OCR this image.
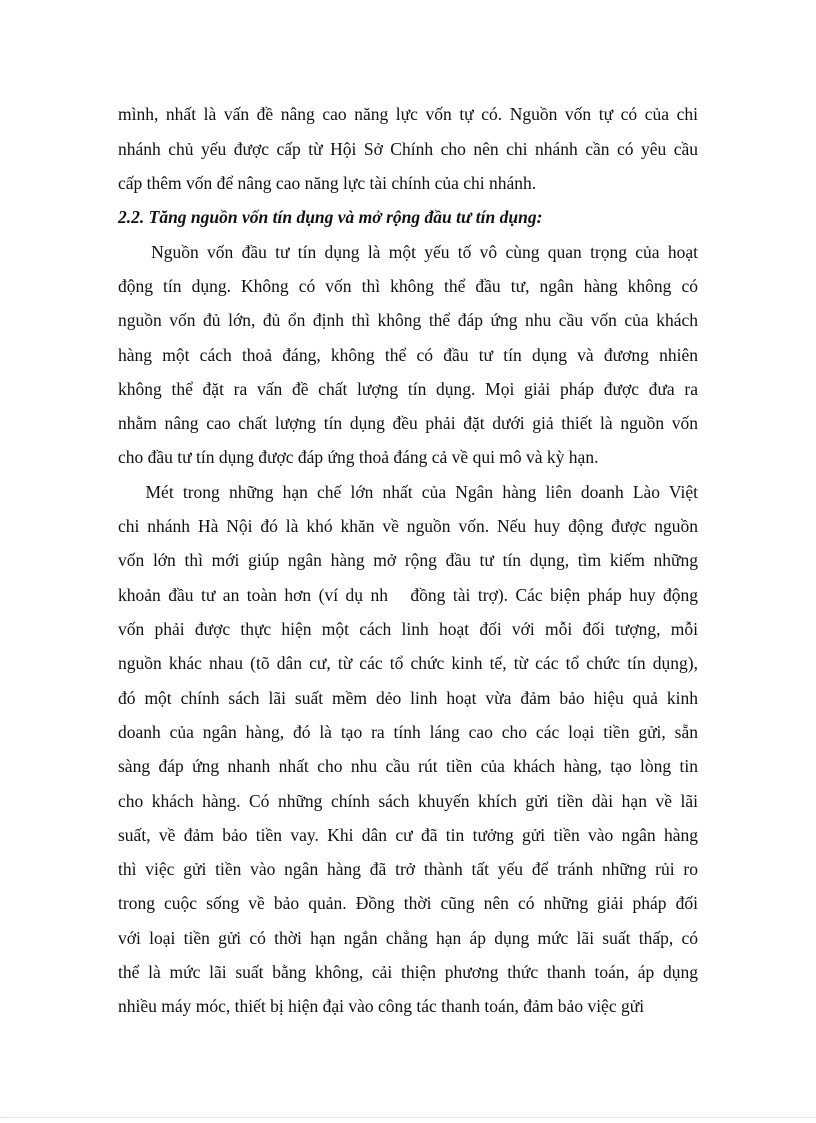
mình, nhất là vấn đề nâng cao năng lực vốn tự có. Nguồn vốn tự có của chi
nhánh chủ yếu được cấp từ Hội Sở Chính cho nên chi nhánh cần có yêu cầu
cấp thêm vốn để nâng cao năng lực tài chính của chi nhánh.
2.2. Tăng nguồn vốn tín dụng và mở rộng đầu tư tín dụng:
Nguồn vốn đầu tư tín dụng là một yếu tố vô cùng quan trọng của hoạt
động tín dụng. Không có vốn thì không thể đầu tư, ngân hàng không có
nguồn vốn đủ lớn, đủ ổn định thì không thể đáp ứng nhu cầu vốn của khách
hàng một cách thoả đáng, không thể có đầu tư tín dụng và đương nhiên
không thể đặt ra vấn đề chất lượng tín dụng. Mọi giải pháp được đưa ra
nhằm nâng cao chất lượng tín dụng đều phải đặt dưới giả thiết là nguồn vốn
cho đầu tư tín dụng được đáp ứng thoả đáng cả về qui mô và kỳ hạn.
Mét trong những hạn chế lớn nhất của Ngân hàng liên doanh Lào Việt
chi nhánh Hà Nội đó là khó khăn về nguồn vốn. Nếu huy động được nguồn
vốn lớn thì mới giúp ngân hàng mở rộng đầu tư tín dụng, tìm kiếm những
khoản đầu tư an toàn hơn (ví dụ nh   đồng tài trợ). Các biện pháp huy động
vốn phải được thực hiện một cách linh hoạt đối với mỗi đối tượng, mỗi
nguồn khác nhau (tõ dân cư, từ các tổ chức kinh tế, từ các tổ chức tín dụng),
đó một chính sách lãi suất mềm dẻo linh hoạt vừa đảm bảo hiệu quả kinh
doanh của ngân hàng, đó là tạo ra tính láng cao cho các loại tiền gửi, sẵn
sàng đáp ứng nhanh nhất cho nhu cầu rút tiền của khách hàng, tạo lòng tin
cho khách hàng. Có những chính sách khuyến khích gửi tiền dài hạn về lãi
suất, về đảm bảo tiền vay. Khi dân cư đã tin tưởng gửi tiền vào ngân hàng
thì việc gửi tiền vào ngân hàng đã trở thành tất yếu để tránh những rủi ro
trong cuộc sống về bảo quản. Đồng thời cũng nên có những giải pháp đối
với loại tiền gửi có thời hạn ngắn chẳng hạn áp dụng mức lãi suất thấp, có
thể là mức lãi suất bằng không, cải thiện phương thức thanh toán, áp dụng
nhiều máy móc, thiết bị hiện đại vào công tác thanh toán, đảm bảo việc gửi
